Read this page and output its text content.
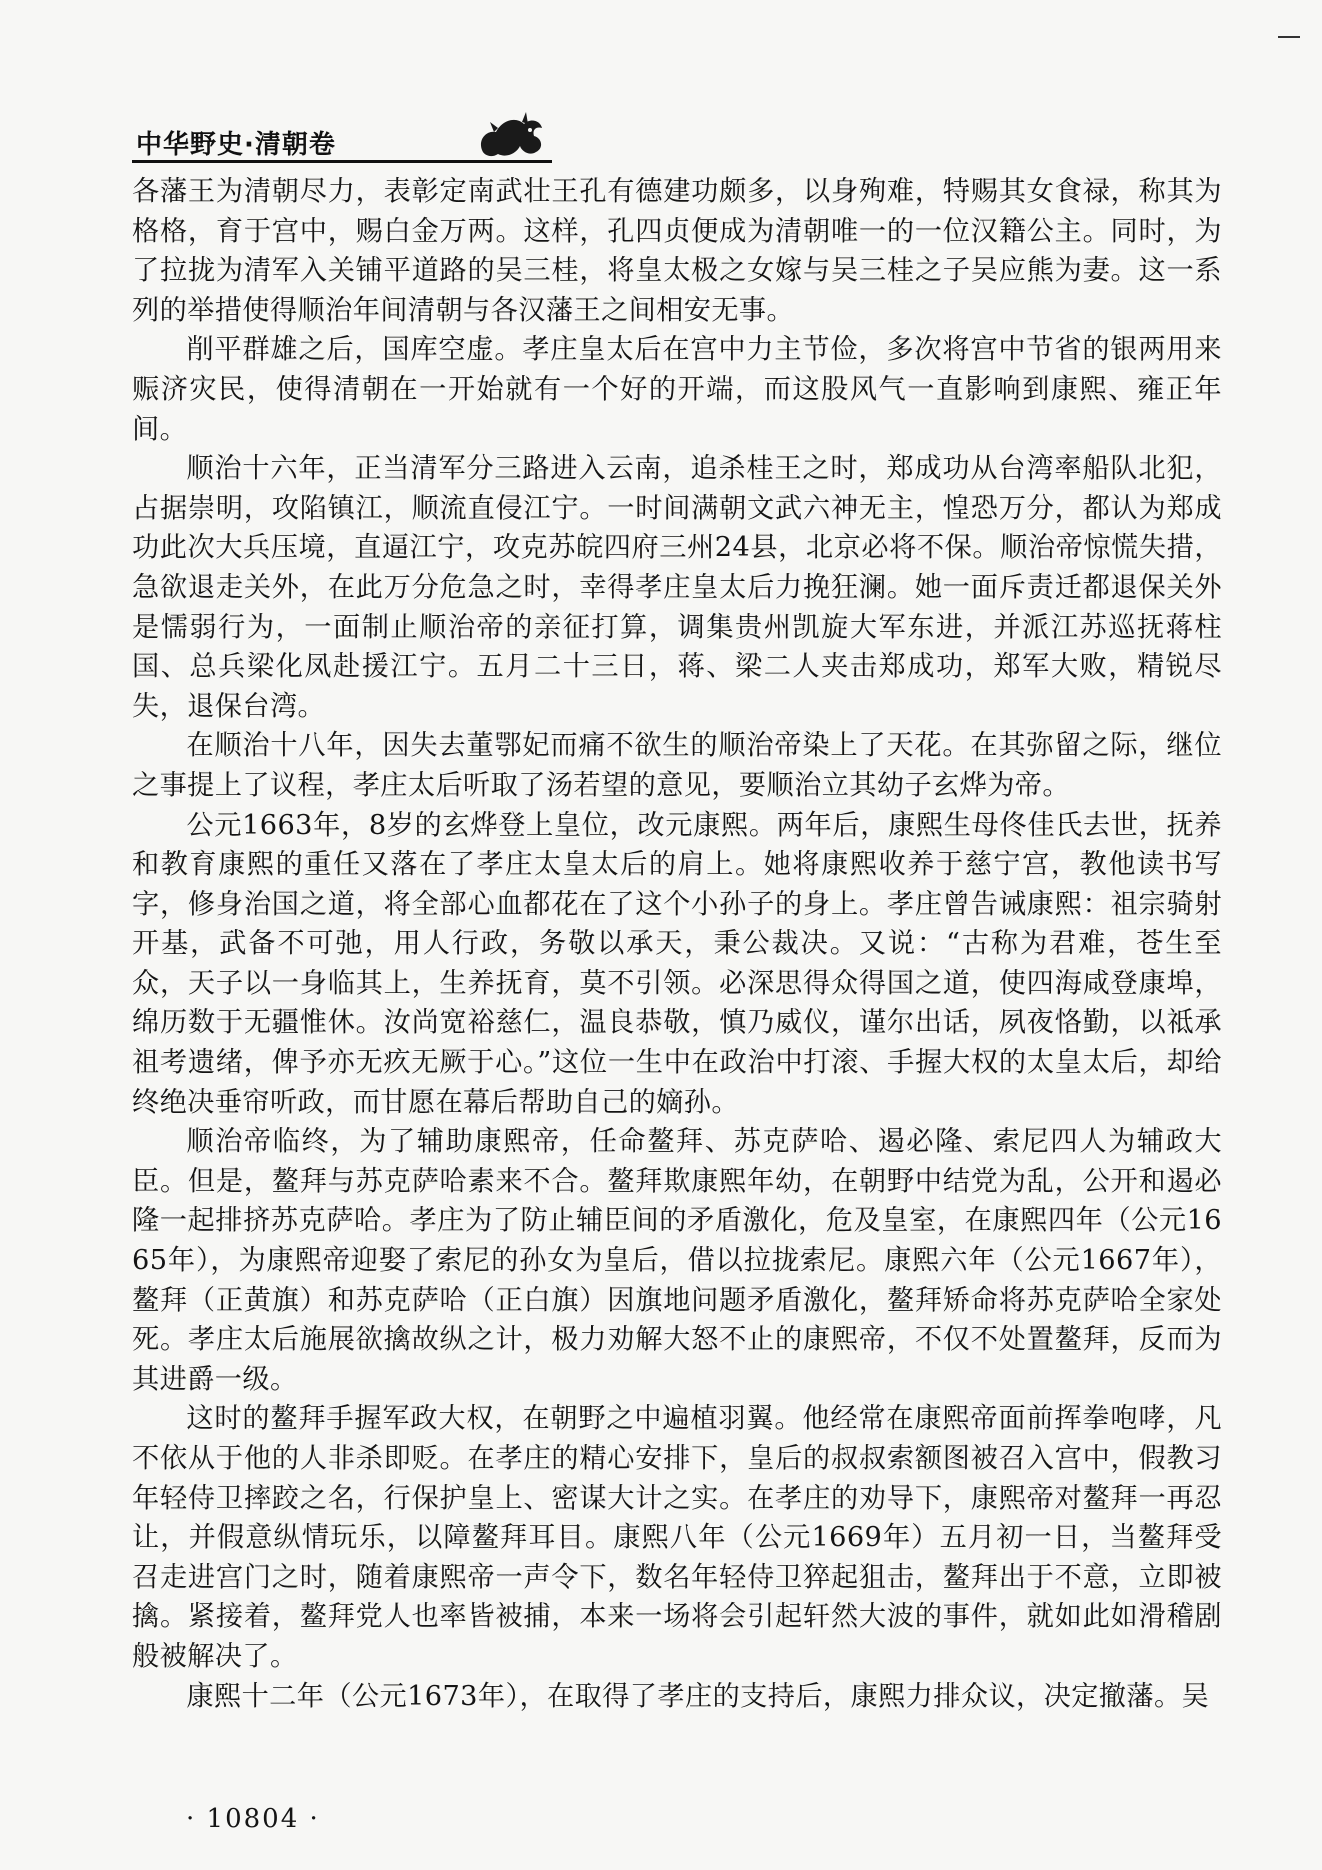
中华野史·清朝卷

各藩王为清朝尽力，表彰定南武壮王孔有德建功颇多，以身殉难，特赐其女食禄，称其为格格，育于宫中，赐白金万两。这样，孔四贞便成为清朝唯一的一位汉籍公主。同时，为了拉拢为清军入关铺平道路的吴三桂，将皇太极之女嫁与吴三桂之子吴应熊为妻。这一系列的举措使得顺治年间清朝与各汉藩王之间相安无事。

削平群雄之后，国库空虚。孝庄皇太后在宫中力主节俭，多次将宫中节省的银两用来赈济灾民，使得清朝在一开始就有一个好的开端，而这股风气一直影响到康熙、雍正年间。

顺治十六年，正当清军分三路进入云南，追杀桂王之时，郑成功从台湾率船队北犯，占据崇明，攻陷镇江，顺流直侵江宁。一时间满朝文武六神无主，惶恐万分，都认为郑成功此次大兵压境，直逼江宁，攻克苏皖四府三州24县，北京必将不保。顺治帝惊慌失措，急欲退走关外，在此万分危急之时，幸得孝庄皇太后力挽狂澜。她一面斥责迁都退保关外是懦弱行为，一面制止顺治帝的亲征打算，调集贵州凯旋大军东进，并派江苏巡抚蒋柱国、总兵梁化凤赴援江宁。五月二十三日，蒋、梁二人夹击郑成功，郑军大败，精锐尽失，退保台湾。

在顺治十八年，因失去董鄂妃而痛不欲生的顺治帝染上了天花。在其弥留之际，继位之事提上了议程，孝庄太后听取了汤若望的意见，要顺治立其幼子玄烨为帝。

公元1663年，8岁的玄烨登上皇位，改元康熙。两年后，康熙生母佟佳氏去世，抚养和教育康熙的重任又落在了孝庄太皇太后的肩上。她将康熙收养于慈宁宫，教他读书写字，修身治国之道，将全部心血都花在了这个小孙子的身上。孝庄曾告诫康熙：祖宗骑射开基，武备不可弛，用人行政，务敬以承天，秉公裁决。又说：“古称为君难，苍生至众，天子以一身临其上，生养抚育，莫不引领。必深思得众得国之道，使四海咸登康埠，绵历数于无疆惟休。汝尚宽裕慈仁，温良恭敬，慎乃威仪，谨尔出话，夙夜恪勤，以祗承祖考遗绪，俾予亦无疚无厥于心。”这位一生中在政治中打滚、手握大权的太皇太后，却给终绝决垂帘听政，而甘愿在幕后帮助自己的嫡孙。

顺治帝临终，为了辅助康熙帝，任命鳌拜、苏克萨哈、遏必隆、索尼四人为辅政大臣。但是，鳌拜与苏克萨哈素来不合。鳌拜欺康熙年幼，在朝野中结党为乱，公开和遏必隆一起排挤苏克萨哈。孝庄为了防止辅臣间的矛盾激化，危及皇室，在康熙四年（公元1665年），为康熙帝迎娶了索尼的孙女为皇后，借以拉拢索尼。康熙六年（公元1667年），鳌拜（正黄旗）和苏克萨哈（正白旗）因旗地问题矛盾激化，鳌拜矫命将苏克萨哈全家处死。孝庄太后施展欲擒故纵之计，极力劝解大怒不止的康熙帝，不仅不处置鳌拜，反而为其进爵一级。

这时的鳌拜手握军政大权，在朝野之中遍植羽翼。他经常在康熙帝面前挥拳咆哮，凡不依从于他的人非杀即贬。在孝庄的精心安排下，皇后的叔叔索额图被召入宫中，假教习年轻侍卫摔跤之名，行保护皇上、密谋大计之实。在孝庄的劝导下，康熙帝对鳌拜一再忍让，并假意纵情玩乐，以障鳌拜耳目。康熙八年（公元1669年）五月初一日，当鳌拜受召走进宫门之时，随着康熙帝一声令下，数名年轻侍卫猝起狙击，鳌拜出于不意，立即被擒。紧接着，鳌拜党人也率皆被捕，本来一场将会引起轩然大波的事件，就如此如滑稽剧般被解决了。

康熙十二年（公元1673年），在取得了孝庄的支持后，康熙力排众议，决定撤藩。吴

· 10804 ·
